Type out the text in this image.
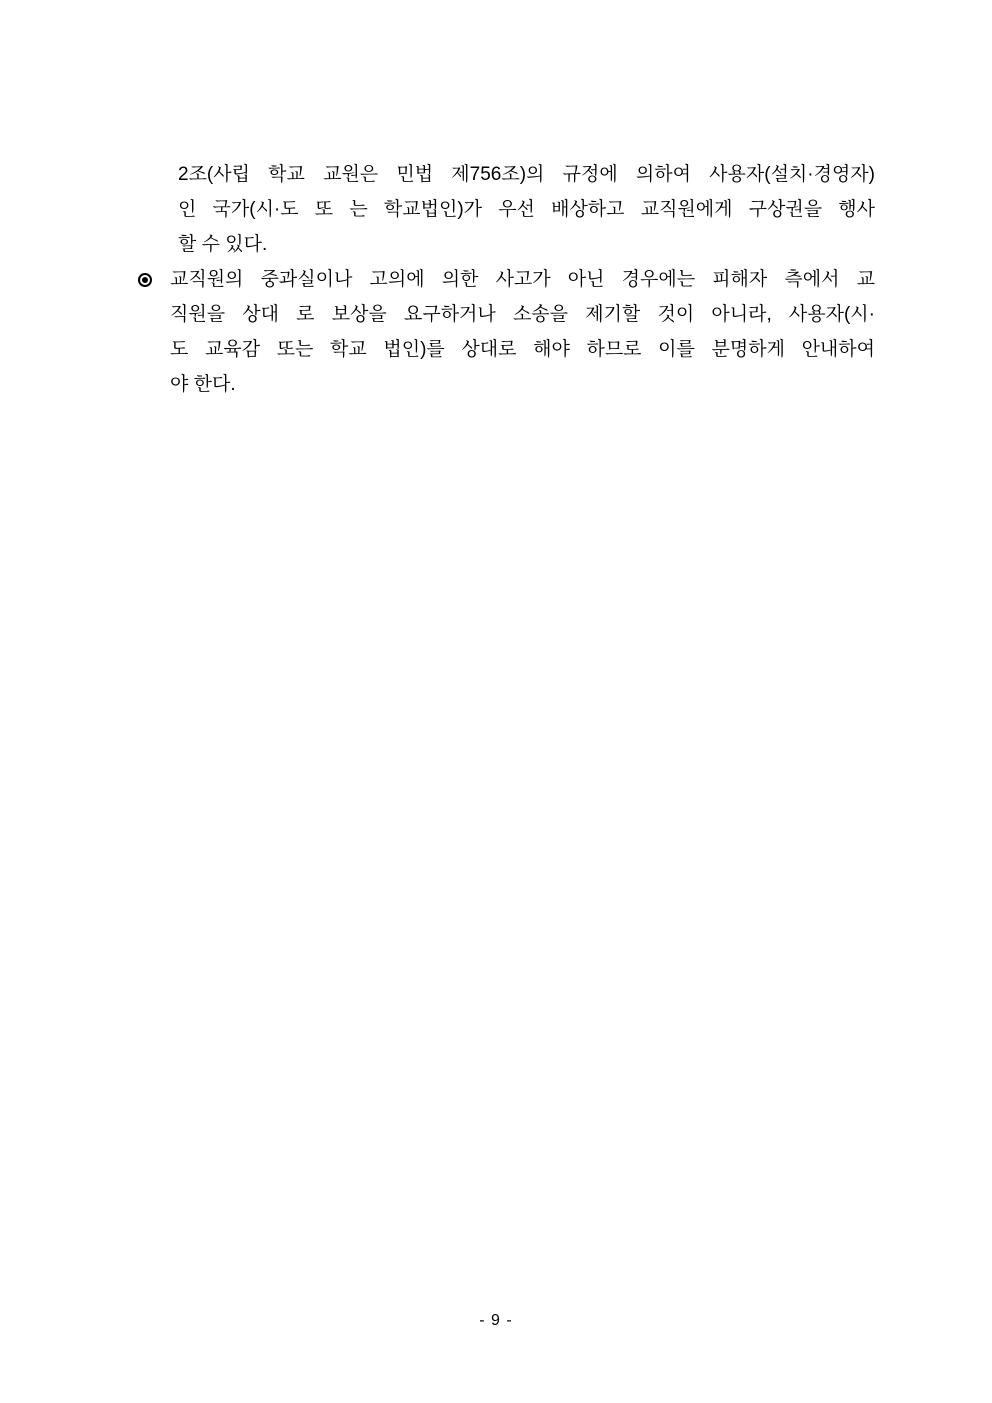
2조(사립 학교 교원은 민법 제756조)의 규정에 의하여 사용자(설치·경영자)
인 국가(시·도 또 는 학교법인)가 우선 배상하고 교직원에게 구상권을 행사
할 수 있다.
교직원의 중과실이나 고의에 의한 사고가 아닌 경우에는 피해자 측에서 교
직원을 상대 로 보상을 요구하거나 소송을 제기할 것이 아니라, 사용자(시·
도 교육감 또는 학교 법인)를 상대로 해야 하므로 이를 분명하게 안내하여
야 한다.
- 9 -
